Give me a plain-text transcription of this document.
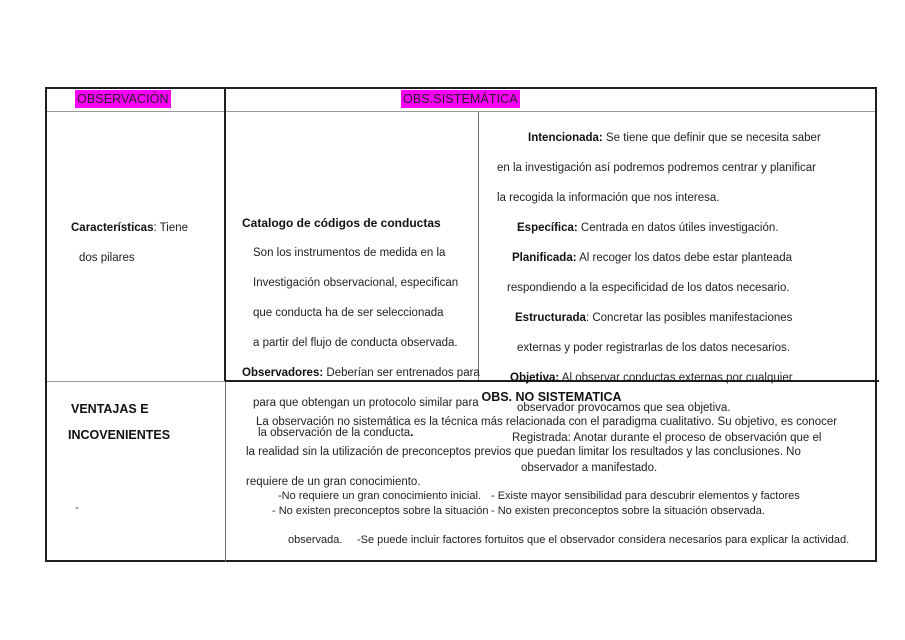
OBSERVACIÓN	OBS.SISTEMÁTICA
Características: Tiene
dos pilares
Catalogo de códigos de conductas
Son los instrumentos de medida en la
Investigación observacional, especifican
que conducta ha de ser seleccionada
a partir del flujo de conducta observada.
Observadores: Deberían ser entrenados para
para que obtengan un protocolo similar para
la observación de la conducta.
Intencionada: Se tiene que definir que se necesita saber
en la investigación así podremos podremos centrar y planificar
la recogida la información que nos interesa.
Específica: Centrada en datos útiles investigación.
Planificada: Al recoger los datos debe estar planteada
respondiendo a la especificidad de los datos necesario.
Estructurada: Concretar las posibles manifestaciones
externas y poder registrarlas de los datos necesarios.
Objetiva: Al observar conductas externas por cualquier
observador provocamos que sea objetiva.
Registrada: Anotar durante el proceso de observación que el
observador a manifestado.
VENTAJAS E
INCOVENIENTES
-
OBS. NO SISTEMATICA
La observación no sistemática es la técnica más relacionada con el paradigma cualitativo. Su objetivo, es conocer
la realidad sin la utilización de preconceptos previos que puedan limitar los resultados y las conclusiones. No
requiere de un gran conocimiento.
-No requiere un gran conocimiento inicial.
- No existen preconceptos sobre la situación
observada.
- Existe mayor sensibilidad para descubrir elementos y factores
- No existen preconceptos sobre la situación observada.
-Se puede incluir factores fortuitos que el observador considera necesarios para explicar la actividad.
